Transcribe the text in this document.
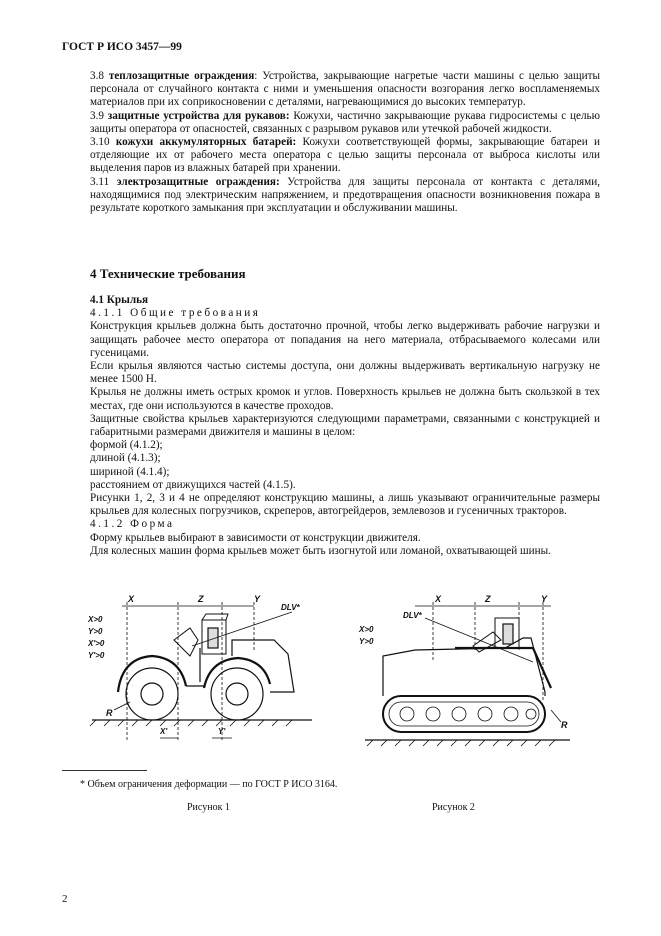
ГОСТ Р ИСО 3457—99

3.8 теплозащитные ограждения: Устройства, закрывающие нагретые части машины с целью защиты персонала от случайного контакта с ними и уменьшения опасности возгорания легко воспламеняемых материалов при их соприкосновении с деталями, нагревающимися до высоких температур.

3.9 защитные устройства для рукавов: Кожухи, частично закрывающие рукава гидросистемы с целью защиты оператора от опасностей, связанных с разрывом рукавов или утечкой рабочей жидкости.

3.10 кожухи аккумуляторных батарей: Кожухи соответствующей формы, закрывающие батареи и отделяющие их от рабочего места оператора с целью защиты персонала от выброса кислоты или выделения паров из влажных батарей при хранении.

3.11 электрозащитные ограждения: Устройства для защиты персонала от контакта с деталями, находящимися под электрическим напряжением, и предотвращения опасности возникновения пожара в результате короткого замыкания при эксплуатации и обслуживании машины.

4 Технические требования
4.1 Крылья
4.1.1 Общие требования

Конструкция крыльев должна быть достаточно прочной, чтобы легко выдерживать рабочие нагрузки и защищать рабочее место оператора от попадания на него материала, отбрасываемого колесами или гусеницами.

Если крылья являются частью системы доступа, они должны выдерживать вертикальную нагрузку не менее 1500 Н.

Крылья не должны иметь острых кромок и углов. Поверхность крыльев не должна быть скользкой в тех местах, где они используются в качестве проходов.

Защитные свойства крыльев характеризуются следующими параметрами, связанными с конструкцией и габаритными размерами движителя и машины в целом:

формой (4.1.2);
длиной (4.1.3);
шириной (4.1.4);
расстоянием от движущихся частей (4.1.5).

Рисунки 1, 2, 3 и 4 не определяют конструкцию машины, а лишь указывают ограничительные размеры крыльев для колесных погрузчиков, скреперов, автогрейдеров, землевозов и гусеничных тракторов.

4.1.2 Форма

Форму крыльев выбирают в зависимости от конструкции движителя.

Для колесных машин форма крыльев может быть изогнутой или ломаной, охватывающей шины.

X	Z	Y
DLV*
X>0
Y>0
X'>0
Y'>0
R
X'	Y'
X	Z	Y
DLV*
X>0
Y>0
R
* Объем ограничения деформации — по ГОСТ Р ИСО 3164.
Рисунок 1	Рисунок 2
2
